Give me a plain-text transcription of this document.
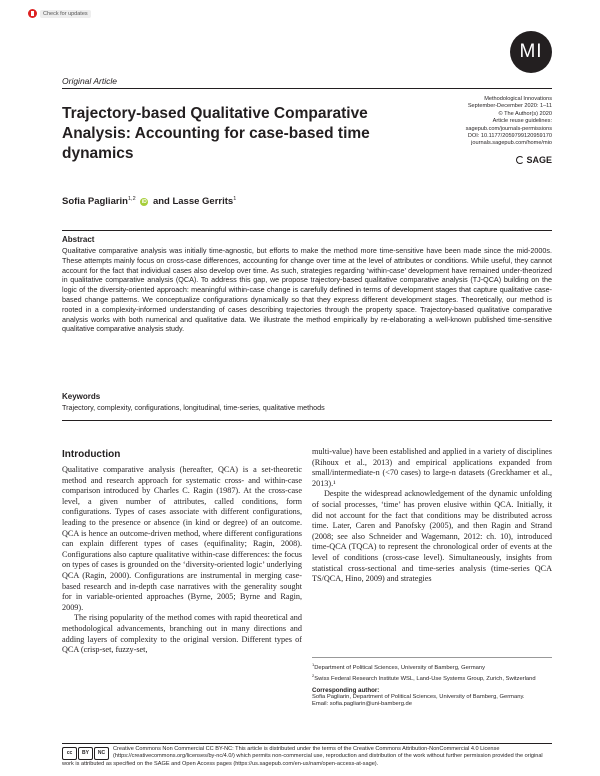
Check for updates
MI
Original Article
Trajectory-based Qualitative Comparative Analysis: Accounting for case-based time dynamics
Methodological Innovations
September-December 2020: 1–11
© The Author(s) 2020
Article reuse guidelines:
sagepub.com/journals-permissions
DOI: 10.1177/2059799120959170
journals.sagepub.com/home/mio
SAGE
Sofia Pagliarin$^{1,2}$ iD and Lasse Gerrits$^1$
Abstract

Qualitative comparative analysis was initially time-agnostic, but efforts to make the method more time-sensitive have been made since the mid-2000s. These attempts mainly focus on cross-case differences, accounting for change over time at the level of attributes or conditions. While useful, they cannot account for the fact that individual cases also develop over time. As such, strategies regarding ‘within-case’ development have remained under-theorized in qualitative comparative analysis (QCA). To address this gap, we propose trajectory-based qualitative comparative analysis (TJ-QCA) building on the logic of the diversity-oriented approach: meaningful within-case change is carefully defined in terms of development stages that capture qualitative case-based change patterns. We conceptualize configurations dynamically so that they express different development stages. Theoretically, our method is rooted in a complexity-informed understanding of cases describing trajectories through the property space. Trajectory-based qualitative comparative analysis works with both numerical and qualitative data. We illustrate the method empirically by re-elaborating a well-known published time-sensitive qualitative comparative analysis study.

Keywords

Trajectory, complexity, configurations, longitudinal, time-series, qualitative methods

Introduction

Qualitative comparative analysis (hereafter, QCA) is a set-theoretic method and research approach for systematic cross- and within-case comparison introduced by Charles C. Ragin (1987). At the cross-case level, a given number of attributes, called conditions, form configurations. Types of cases associate with different configurations, leading to the presence or absence (in kind or degree) of an outcome. QCA is hence an outcome-driven method, where different configurations can explain different types of cases (equifinality; Ragin, 2008). Configurations also capture qualitative within-case differences: the focus on types of cases is grounded on the ‘diversity-oriented logic’ underlying QCA (Ragin, 2000). Configurations are instrumental in merging case-based research and in-depth case narratives with the generality sought for in variable-oriented approaches (Byrne, 2005; Byrne and Ragin, 2009).

The rising popularity of the method comes with rapid theoretical and methodological advancements, branching out in many directions and adding layers of complexity to the original version. Different types of QCA (crisp-set, fuzzy-set,

multi-value) have been established and applied in a variety of disciplines (Rihoux et al., 2013) and empirical applications expanded from small/intermediate-n (<70 cases) to large-n datasets (Greckhamer et al., 2013).¹

Despite the widespread acknowledgement of the dynamic unfolding of social processes, ‘time’ has proven elusive within QCA. Initially, it did not account for the fact that conditions may be distributed across time. Later, Caren and Panofsky (2005), and then Ragin and Strand (2008; see also Schneider and Wagemann, 2012: ch. 10), introduced time-QCA (TQCA) to represent the chronological order of events at the level of conditions (cross-case level). Simultaneously, insights from statistical cross-sectional and time-series analysis (time-series QCA TS/QCA, Hino, 2009) and strategies

$^1$Department of Political Sciences, University of Bamberg, Germany
$^2$Swiss Federal Research Institute WSL, Land-Use Systems Group, Zurich, Switzerland
Corresponding author:
Sofia Pagliarin, Department of Political Sciences, University of Bamberg, Germany.
Email: sofia.pagliarin@uni-bamberg.de
cc	BY	NC
Creative Commons Non Commercial CC BY-NC: This article is distributed under the terms of the Creative Commons Attribution-NonCommercial 4.0 License (https://creativecommons.org/licenses/by-nc/4.0/) which permits non-commercial use, reproduction and distribution of the work without further permission provided the original work is attributed as specified on the SAGE and Open Access pages (https://us.sagepub.com/en-us/nam/open-access-at-sage).
